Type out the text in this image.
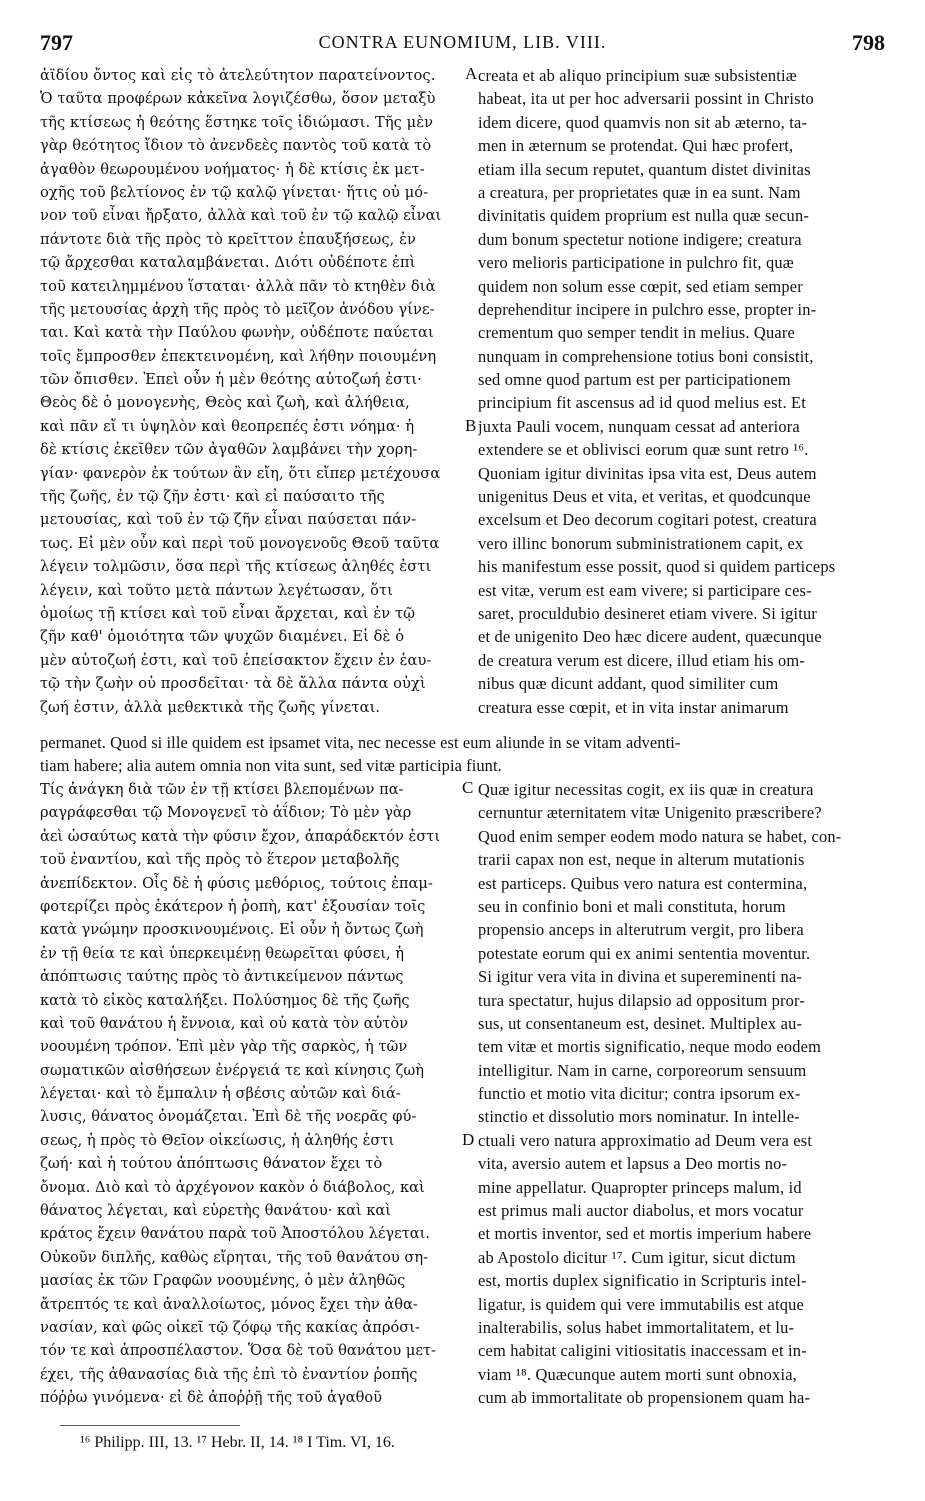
797	CONTRA EUNOMIUM, LIB. VIII.	798
ἀϊδίου ὄντος καὶ εἰς τὸ ἀτελεύτητον παρατείνοντος.
Ὁ ταῦτα προφέρων κἀκεῖνα λογιζέσθω, ὅσον μεταξὺ
τῆς κτίσεως ἡ θεότης ἕστηκε τοῖς ἰδιώμασι. Τῆς μὲν
γὰρ θεότητος ἴδιον τὸ ἀνενδεὲς παντὸς τοῦ κατὰ τὸ
ἀγαθὸν θεωρουμένου νοήματος· ἡ δὲ κτίσις ἐκ μετ-
οχῆς τοῦ βελτίονος ἐν τῷ καλῷ γίνεται· ἥτις οὐ μό-
νον τοῦ εἶναι ἤρξατο, ἀλλὰ καὶ τοῦ ἐν τῷ καλῷ εἶναι
πάντοτε διὰ τῆς πρὸς τὸ κρεῖττον ἐπαυξήσεως, ἐν
τῷ ἄρχεσθαι καταλαμβάνεται. Διότι οὐδέποτε ἐπὶ
τοῦ κατειλημμένου ἵσταται· ἀλλὰ πᾶν τὸ κτηθὲν διὰ
τῆς μετουσίας ἀρχὴ τῆς πρὸς τὸ μεῖζον ἀνόδου γίνε-
ται. Καὶ κατὰ τὴν Παύλου φωνὴν, οὐδέποτε παύεται
τοῖς ἔμπροσθεν ἐπεκτεινομένη, καὶ λήθην ποιουμένη
τῶν ὄπισθεν. Ἐπεὶ οὖν ἡ μὲν θεότης αὐτοζωή ἐστι·
Θεὸς δὲ ὁ μονογενὴς, Θεὸς καὶ ζωὴ, καὶ ἀλήθεια,
καὶ πᾶν εἴ τι ὑψηλὸν καὶ θεοπρεπές ἐστι νόημα· ἡ
δὲ κτίσις ἐκεῖθεν τῶν ἀγαθῶν λαμβάνει τὴν χορη-
γίαν· φανερὸν ἐκ τούτων ἂν εἴη, ὅτι εἴπερ μετέχουσα
τῆς ζωῆς, ἐν τῷ ζῆν ἐστι· καὶ εἰ παύσαιτο τῆς
μετουσίας, καὶ τοῦ ἐν τῷ ζῆν εἶναι παύσεται πάν-
τως. Εἰ μὲν οὖν καὶ περὶ τοῦ μονογενοῦς Θεοῦ ταῦτα
λέγειν τολμῶσιν, ὅσα περὶ τῆς κτίσεως ἀληθές ἐστι
λέγειν, καὶ τοῦτο μετὰ πάντων λεγέτωσαν, ὅτι
ὁμοίως τῇ κτίσει καὶ τοῦ εἶναι ἄρχεται, καὶ ἐν τῷ
ζῆν καθ' ὁμοιότητα τῶν ψυχῶν διαμένει. Εἰ δὲ ὁ
μὲν αὐτοζωή ἐστι, καὶ τοῦ ἐπείσακτον ἔχειν ἐν ἑαυ-
τῷ τὴν ζωὴν οὐ προσδεῖται· τὰ δὲ ἄλλα πάντα οὐχὶ
ζωή ἐστιν, ἀλλὰ μεθεκτικὰ τῆς ζωῆς γίνεται.
creata et ab aliquo principium suæ subsistentiæ
habeat, ita ut per hoc adversarii possint in Christo
idem dicere, quod quamvis non sit ab æterno, ta-
men in æternum se protendat. Qui hæc profert,
etiam illa secum reputet, quantum distet divinitas
a creatura, per proprietates quæ in ea sunt. Nam
divinitatis quidem proprium est nulla quæ secun-
dum bonum spectetur notione indigere; creatura
vero melioris participatione in pulchro fit, quæ
quidem non solum esse cœpit, sed etiam semper
deprehenditur incipere in pulchro esse, propter in-
crementum quo semper tendit in melius. Quare
nunquam in comprehensione totius boni consistit,
sed omne quod partum est per participationem
principium fit ascensus ad id quod melius est. Et
juxta Pauli vocem, nunquam cessat ad anteriora
extendere se et oblivisci eorum quæ sunt retro ¹⁶.
Quoniam igitur divinitas ipsa vita est, Deus autem
unigenitus Deus et vita, et veritas, et quodcunque
excelsum et Deo decorum cogitari potest, creatura
vero illinc bonorum subministrationem capit, ex
his manifestum esse possit, quod si quidem particeps
est vitæ, verum est eam vivere; si participare ces-
saret, proculdubio desineret etiam vivere. Si igitur
et de unigenito Deo hæc dicere audent, quæcunque
de creatura verum est dicere, illud etiam his om-
nibus quæ dicunt addant, quod similiter cum
creatura esse cœpit, et in vita instar animarum
A
B
C
D
permanet. Quod si ille quidem est ipsamet vita, nec necesse est eum aliunde in se vitam adventi-
tiam habere; alia autem omnia non vita sunt, sed vitæ participia fiunt.
Τίς ἀνάγκη διὰ τῶν ἐν τῇ κτίσει βλεπομένων πα-
ραγράφεσθαι τῷ Μονογενεῖ τὸ ἀΐδιον; Τὸ μὲν γὰρ
ἀεὶ ὡσαύτως κατὰ τὴν φύσιν ἔχον, ἀπαράδεκτόν ἐστι
τοῦ ἐναντίου, καὶ τῆς πρὸς τὸ ἕτερον μεταβολῆς
ἀνεπίδεκτον. Οἷς δὲ ἡ φύσις μεθόριος, τούτοις ἐπαμ-
φοτερίζει πρὸς ἑκάτερον ἡ ῥοπὴ, κατ' ἐξουσίαν τοῖς
κατὰ γνώμην προσκινουμένοις. Εἰ οὖν ἡ ὄντως ζωὴ
ἐν τῇ θεία τε καὶ ὑπερκειμένῃ θεωρεῖται φύσει, ἡ
ἀπόπτωσις ταύτης πρὸς τὸ ἀντικείμενον πάντως
κατὰ τὸ εἰκὸς καταλήξει. Πολύσημος δὲ τῆς ζωῆς
καὶ τοῦ θανάτου ἡ ἔννοια, καὶ οὐ κατὰ τὸν αὐτὸν
νοουμένη τρόπον. Ἐπὶ μὲν γὰρ τῆς σαρκὸς, ἡ τῶν
σωματικῶν αἰσθήσεων ἐνέργειά τε καὶ κίνησις ζωὴ
λέγεται· καὶ τὸ ἔμπαλιν ἡ σβέσις αὐτῶν καὶ διά-
λυσις, θάνατος ὀνομάζεται. Ἐπὶ δὲ τῆς νοερᾶς φύ-
σεως, ἡ πρὸς τὸ Θεῖον οἰκείωσις, ἡ ἀληθής ἐστι
ζωή· καὶ ἡ τούτου ἀπόπτωσις θάνατον ἔχει τὸ
ὄνομα. Διὸ καὶ τὸ ἀρχέγονον κακὸν ὁ διάβολος, καὶ
θάνατος λέγεται, καὶ εὑρετὴς θανάτου· καὶ καὶ
κράτος ἔχειν θανάτου παρὰ τοῦ Ἀποστόλου λέγεται.
Οὐκοῦν διπλῆς, καθὼς εἴρηται, τῆς τοῦ θανάτου ση-
μασίας ἐκ τῶν Γραφῶν νοουμένης, ὁ μὲν ἀληθῶς
ἄτρεπτός τε καὶ ἀναλλοίωτος, μόνος ἔχει τὴν ἀθα-
νασίαν, καὶ φῶς οἰκεῖ τῷ ζόφῳ τῆς κακίας ἀπρόσι-
τόν τε καὶ ἀπροσπέλαστον. Ὅσα δὲ τοῦ θανάτου μετ-
έχει, τῆς ἀθανασίας διὰ τῆς ἐπὶ τὸ ἐναντίον ῥοπῆς
πόῤῥω γινόμενα· εἰ δὲ ἀποῤῥῇ τῆς τοῦ ἀγαθοῦ
Quæ igitur necessitas cogit, ex iis quæ in creatura
cernuntur æternitatem vitæ Unigenito præscribere?
Quod enim semper eodem modo natura se habet, con-
trarii capax non est, neque in alterum mutationis
est particeps. Quibus vero natura est contermina,
seu in confinio boni et mali constituta, horum
propensio anceps in alterutrum vergit, pro libera
potestate eorum qui ex animi sententia moventur.
Si igitur vera vita in divina et supereminenti na-
tura spectatur, hujus dilapsio ad oppositum pror-
sus, ut consentaneum est, desinet. Multiplex au-
tem vitæ et mortis significatio, neque modo eodem
intelligitur. Nam in carne, corporeorum sensuum
functio et motio vita dicitur; contra ipsorum ex-
stinctio et dissolutio mors nominatur. In intelle-
ctuali vero natura approximatio ad Deum vera est
vita, aversio autem et lapsus a Deo mortis no-
mine appellatur. Quapropter princeps malum, id
est primus mali auctor diabolus, et mors vocatur
et mortis inventor, sed et mortis imperium habere
ab Apostolo dicitur ¹⁷. Cum igitur, sicut dictum
est, mortis duplex significatio in Scripturis intel-
ligatur, is quidem qui vere immutabilis est atque
inalterabilis, solus habet immortalitatem, et lu-
cem habitat caligini vitiositatis inaccessam et in-
viam ¹⁸. Quæcunque autem morti sunt obnoxia,
cum ab immortalitate ob propensionem quam ha-
¹⁶ Philipp. III, 13. ¹⁷ Hebr. II, 14. ¹⁸ I Tim. VI, 16.
